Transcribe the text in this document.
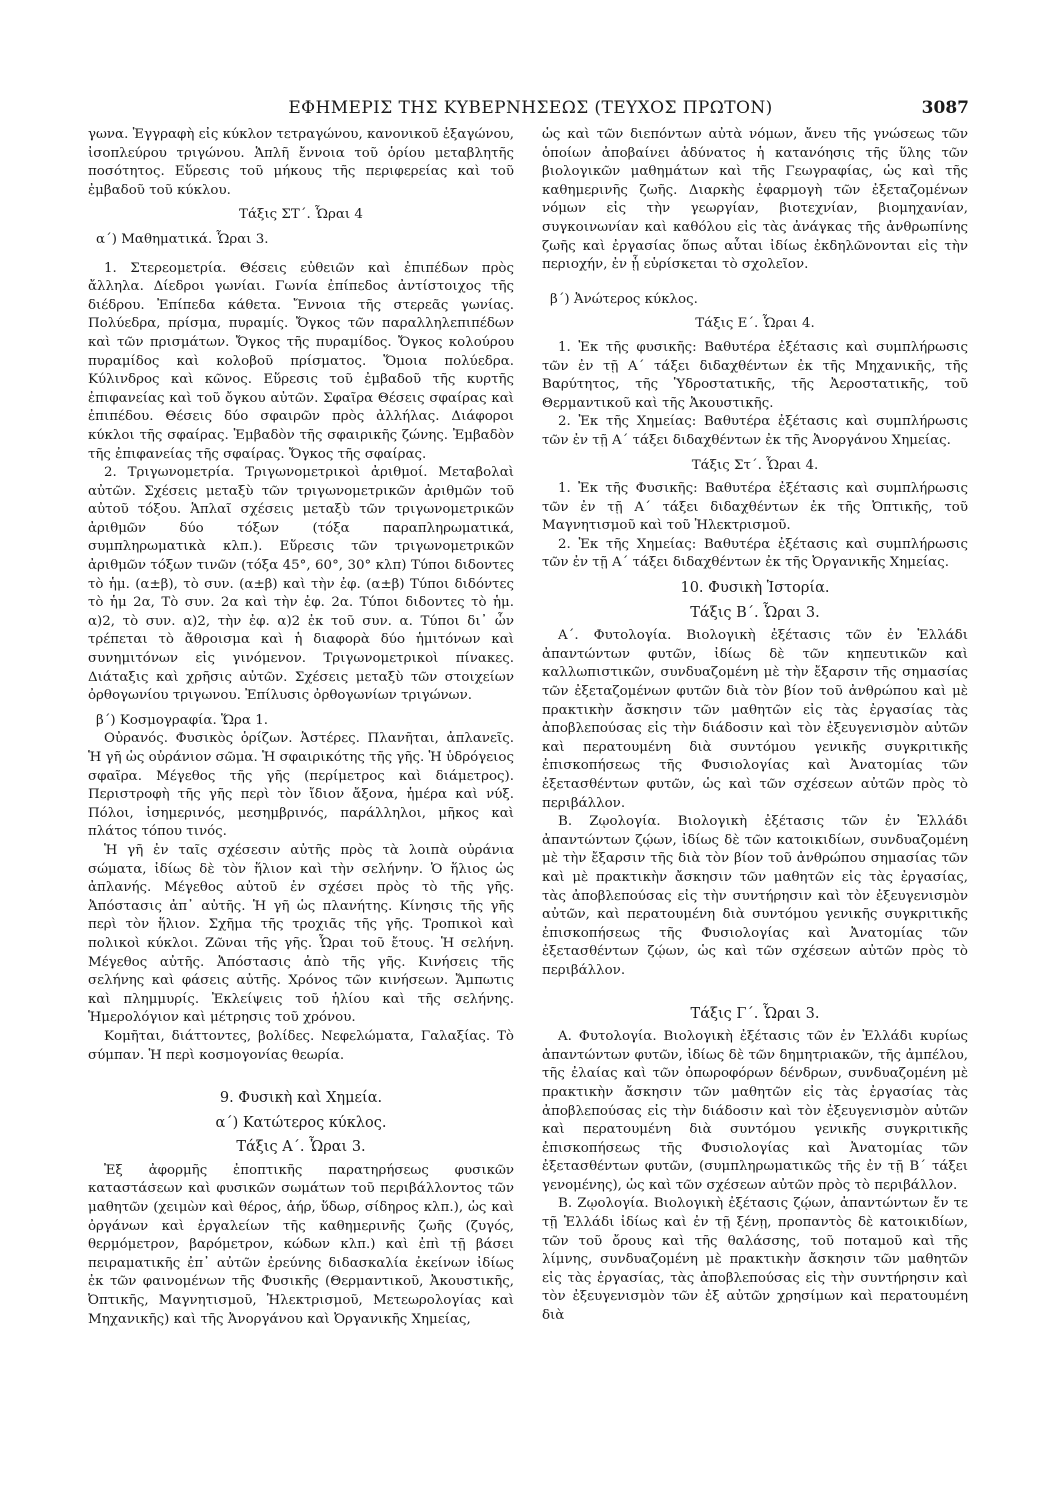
ΕΦΗΜΕΡΙΣ ΤΗΣ ΚΥΒΕΡΝΗΣΕΩΣ (ΤΕΥΧΟΣ ΠΡΩΤΟΝ)	3087

γωνα. Ἐγγραφὴ εἰς κύκλον τετραγώνου, κανονικοῦ ἑξαγώνου, ἰσοπλεύρου τριγώνου. Ἁπλῆ ἔννοια τοῦ ὁρίου μεταβλητῆς ποσότητος. Εὕρεσις τοῦ μήκους τῆς περιφερείας καὶ τοῦ ἐμβαδοῦ τοῦ κύκλου.

Τάξις ΣΤ΄. Ὧραι 4

α΄) Μαθηματικά. Ὧραι 3.

1. Στερεομετρία. Θέσεις εὐθειῶν καὶ ἐπιπέδων πρὸς ἄλληλα. Δίεδροι γωνίαι. Γωνία ἐπίπεδος ἀντίστοιχος τῆς διέδρου. Ἐπίπεδα κάθετα. Ἔννοια τῆς στερεᾶς γωνίας. Πολύεδρα, πρίσμα, πυραμίς. Ὄγκος τῶν παραλληλεπιπέδων καὶ τῶν πρισμάτων. Ὄγκος τῆς πυραμίδος. Ὄγκος κολούρου πυραμίδος καὶ κολοβοῦ πρίσματος. Ὅμοια πολύεδρα. Κύλινδρος καὶ κῶνος. Εὕρεσις τοῦ ἐμβαδοῦ τῆς κυρτῆς ἐπιφανείας καὶ τοῦ ὄγκου αὐτῶν. Σφαῖρα Θέσεις σφαίρας καὶ ἐπιπέδου. Θέσεις δύο σφαιρῶν πρὸς ἀλλήλας. Διάφοροι κύκλοι τῆς σφαίρας. Ἐμβαδὸν τῆς σφαιρικῆς ζώνης. Ἐμβαδὸν τῆς ἐπιφανείας τῆς σφαίρας. Ὄγκος τῆς σφαίρας.

2. Τριγωνομετρία. Τριγωνομετρικοὶ ἀριθμοί. Μεταβολαὶ αὐτῶν. Σχέσεις μεταξὺ τῶν τριγωνομετρικῶν ἀριθμῶν τοῦ αὐτοῦ τόξου. Ἁπλαῖ σχέσεις μεταξὺ τῶν τριγωνομετρικῶν ἀριθμῶν δύο τόξων (τόξα παραπληρωματικά, συμπληρωματικὰ κλπ.). Εὕρεσις τῶν τριγωνομετρικῶν ἀριθμῶν τόξων τινῶν (τόξα 45°, 60°, 30° κλπ) Τύποι διδοντες τὸ ἡμ. (α±β), τὸ συν. (α±β) καὶ τὴν ἐφ. (α±β) Τύποι διδόντες τὸ ἡμ 2α, Τὸ συν. 2α καὶ τὴν ἐφ. 2α. Τύποι διδοντες τὸ ἡμ. α)2, τὸ συν. α)2, τὴν ἐφ. α)2 ἐκ τοῦ συν. α. Τύποι δι᾽ ὧν τρέπεται τὸ ἄθροισμα καὶ ἡ διαφορὰ δύο ἡμιτόνων καὶ συνημιτόνων εἰς γινόμενον. Τριγωνομετρικοὶ πίνακες. Διάταξις καὶ χρῆσις αὐτῶν. Σχέσεις μεταξὺ τῶν στοιχείων ὀρθογωνίου τριγωνου. Ἐπίλυσις ὀρθογωνίων τριγώνων.

β΄) Κοσμογραφία. Ὥρα 1.

Οὐρανός. Φυσικὸς ὁρίζων. Ἀστέρες. Πλανῆται, ἀπλανεῖς. Ἡ γῆ ὡς οὐράνιον σῶμα. Ἡ σφαιρικότης τῆς γῆς. Ἡ ὑδρόγειος σφαῖρα. Μέγεθος τῆς γῆς (περίμετρος καὶ διάμετρος). Περιστροφὴ τῆς γῆς περὶ τὸν ἴδιον ἄξονα, ἡμέρα καὶ νύξ. Πόλοι, ἰσημερινός, μεσημβρινός, παράλληλοι, μῆκος καὶ πλάτος τόπου τινός.

Ἡ γῆ ἐν ταῖς σχέσεσιν αὐτῆς πρὸς τὰ λοιπὰ οὐράνια σώματα, ἰδίως δὲ τὸν ἥλιον καὶ τὴν σελήνην. Ὁ ἥλιος ὡς ἀπλανής. Μέγεθος αὐτοῦ ἐν σχέσει πρὸς τὸ τῆς γῆς. Ἀπόστασις ἀπ᾽ αὐτῆς. Ἡ γῆ ὡς πλανήτης. Κίνησις τῆς γῆς περὶ τὸν ἥλιον. Σχῆμα τῆς τροχιᾶς τῆς γῆς. Τροπικοὶ καὶ πολικοὶ κύκλοι. Ζῶναι τῆς γῆς. Ὧραι τοῦ ἔτους. Ἡ σελήνη. Μέγεθος αὐτῆς. Ἀπόστασις ἀπὸ τῆς γῆς. Κινήσεις τῆς σελήνης καὶ φάσεις αὐτῆς. Χρόνος τῶν κινήσεων. Ἄμπωτις καὶ πλημμυρίς. Ἐκλείψεις τοῦ ἡλίου καὶ τῆς σελήνης. Ἡμερολόγιον καὶ μέτρησις τοῦ χρόνου.

Κομῆται, διάττοντες, βολίδες. Νεφελώματα, Γαλαξίας. Τὸ σύμπαν. Ἡ περὶ κοσμογονίας θεωρία.

9. Φυσικὴ καὶ Χημεία.
α΄) Κατώτερος κύκλος.
Τάξις Α΄. Ὧραι 3.

Ἐξ ἀφορμῆς ἐποπτικῆς παρατηρήσεως φυσικῶν καταστάσεων καὶ φυσικῶν σωμάτων τοῦ περιβάλλοντος τῶν μαθητῶν (χειμὼν καὶ θέρος, ἀήρ, ὕδωρ, σίδηρος κλπ.), ὡς καὶ ὀργάνων καὶ ἐργαλείων τῆς καθημερινῆς ζωῆς (ζυγός, θερμόμετρον, βαρόμετρον, κώδων κλπ.) καὶ ἐπὶ τῇ βάσει πειραματικῆς ἐπ᾽ αὐτῶν ἐρεύνης διδασκαλία ἐκείνων ἰδίως ἐκ τῶν φαινομένων τῆς Φυσικῆς (Θερμαντικοῦ, Ἀκουστικῆς, Ὀπτικῆς, Μαγνητισμοῦ, Ἠλεκτρισμοῦ, Μετεωρολογίας καὶ Μηχανικῆς) καὶ τῆς Ἀνοργάνου καὶ Ὀργανικῆς Χημείας,

ὡς καὶ τῶν διεπόντων αὐτὰ νόμων, ἄνευ τῆς γνώσεως τῶν ὁποίων ἀποβαίνει ἀδύνατος ἡ κατανόησις τῆς ὕλης τῶν βιολογικῶν μαθημάτων καὶ τῆς Γεωγραφίας, ὡς καὶ τῆς καθημερινῆς ζωῆς. Διαρκὴς ἐφαρμογὴ τῶν ἐξεταζομένων νόμων εἰς τὴν γεωργίαν, βιοτεχνίαν, βιομηχανίαν, συγκοινωνίαν καὶ καθόλου εἰς τὰς ἀνάγκας τῆς ἀνθρωπίνης ζωῆς καὶ ἐργασίας ὅπως αὗται ἰδίως ἐκδηλῶνονται εἰς τὴν περιοχήν, ἐν ᾗ εὑρίσκεται τὸ σχολεῖον.

β΄) Ἀνώτερος κύκλος.

Τάξις Ε΄. Ὧραι 4.

1. Ἐκ τῆς φυσικῆς: Βαθυτέρα ἐξέτασις καὶ συμπλήρωσις τῶν ἐν τῇ Α΄ τάξει διδαχθέντων ἐκ τῆς Μηχανικῆς, τῆς Βαρύτητος, τῆς Ὑδροστατικῆς, τῆς Ἀεροστατικῆς, τοῦ Θερμαντικοῦ καὶ τῆς Ἀκουστικῆς.

2. Ἐκ τῆς Χημείας: Βαθυτέρα ἐξέτασις καὶ συμπλήρωσις τῶν ἐν τῇ Α΄ τάξει διδαχθέντων ἐκ τῆς Ἀνοργάνου Χημείας.

Τάξις Στ΄. Ὧραι 4.

1. Ἐκ τῆς Φυσικῆς: Βαθυτέρα ἐξέτασις καὶ συμπλήρωσις τῶν ἐν τῇ Α΄ τάξει διδαχθέντων ἐκ τῆς Ὀπτικῆς, τοῦ Μαγνητισμοῦ καὶ τοῦ Ἠλεκτρισμοῦ.

2. Ἐκ τῆς Χημείας: Βαθυτέρα ἐξέτασις καὶ συμπλήρωσις τῶν ἐν τῇ Α΄ τάξει διδαχθέντων ἐκ τῆς Ὀργανικῆς Χημείας.

10. Φυσικὴ Ἱστορία.
Τάξις Β΄. Ὧραι 3.

Α΄. Φυτολογία. Βιολογικὴ ἐξέτασις τῶν ἐν Ἑλλάδι ἀπαντώντων φυτῶν, ἰδίως δὲ τῶν κηπευτικῶν καὶ καλλωπιστικῶν, συνδυαζομένη μὲ τὴν ἔξαρσιν τῆς σημασίας τῶν ἐξεταζομένων φυτῶν διὰ τὸν βίον τοῦ ἀνθρώπου καὶ μὲ πρακτικὴν ἄσκησιν τῶν μαθητῶν εἰς τὰς ἐργασίας τὰς ἀποβλεπούσας εἰς τὴν διάδοσιν καὶ τὸν ἐξευγενισμὸν αὐτῶν καὶ περατουμένη διὰ συντόμου γενικῆς συγκριτικῆς ἐπισκοπήσεως τῆς Φυσιολογίας καὶ Ἀνατομίας τῶν ἐξετασθέντων φυτῶν, ὡς καὶ τῶν σχέσεων αὐτῶν πρὸς τὸ περιβάλλον.

Β. Ζῳολογία. Βιολογικὴ ἐξέτασις τῶν ἐν Ἑλλάδι ἀπαντώντων ζῴων, ἰδίως δὲ τῶν κατοικιδίων, συνδυαζομένη μὲ τὴν ἔξαρσιν τῆς διὰ τὸν βίον τοῦ ἀνθρώπου σημασίας τῶν καὶ μὲ πρακτικὴν ἄσκησιν τῶν μαθητῶν εἰς τὰς ἐργασίας, τὰς ἀποβλεπούσας εἰς τὴν συντήρησιν καὶ τὸν ἐξευγενισμὸν αὐτῶν, καὶ περατουμένη διὰ συντόμου γενικῆς συγκριτικῆς ἐπισκοπήσεως τῆς Φυσιολογίας καὶ Ἀνατομίας τῶν ἐξετασθέντων ζῴων, ὡς καὶ τῶν σχέσεων αὐτῶν πρὸς τὸ περιβάλλον.

Τάξις Γ΄. Ὧραι 3.

Α. Φυτολογία. Βιολογικὴ ἐξέτασις τῶν ἐν Ἑλλάδι κυρίως ἀπαντώντων φυτῶν, ἰδίως δὲ τῶν δημητριακῶν, τῆς ἀμπέλου, τῆς ἐλαίας καὶ τῶν ὀπωροφόρων δένδρων, συνδυαζομένη μὲ πρακτικὴν ἄσκησιν τῶν μαθητῶν εἰς τὰς ἐργασίας τὰς ἀποβλεπούσας εἰς τὴν διάδοσιν καὶ τὸν ἐξευγενισμὸν αὐτῶν καὶ περατουμένη διὰ συντόμου γενικῆς συγκριτικῆς ἐπισκοπήσεως τῆς Φυσιολογίας καὶ Ἀνατομίας τῶν ἐξετασθέντων φυτῶν, (συμπληρωματικῶς τῆς ἐν τῇ Β΄ τάξει γενομένης), ὡς καὶ τῶν σχέσεων αὐτῶν πρὸς τὸ περιβάλλον.

Β. Ζῳολογία. Βιολογικὴ ἐξέτασις ζῴων, ἀπαντώντων ἔν τε τῇ Ἑλλάδι ἰδίως καὶ ἐν τῇ ξένῃ, προπαντὸς δὲ κατοικιδίων, τῶν τοῦ ὄρους καὶ τῆς θαλάσσης, τοῦ ποταμοῦ καὶ τῆς λίμνης, συνδυαζομένη μὲ πρακτικὴν ἄσκησιν τῶν μαθητῶν εἰς τὰς ἐργασίας, τὰς ἀποβλεπούσας εἰς τὴν συντήρησιν καὶ τὸν ἐξευγενισμὸν τῶν ἐξ αὐτῶν χρησίμων καὶ περατουμένη διὰ
